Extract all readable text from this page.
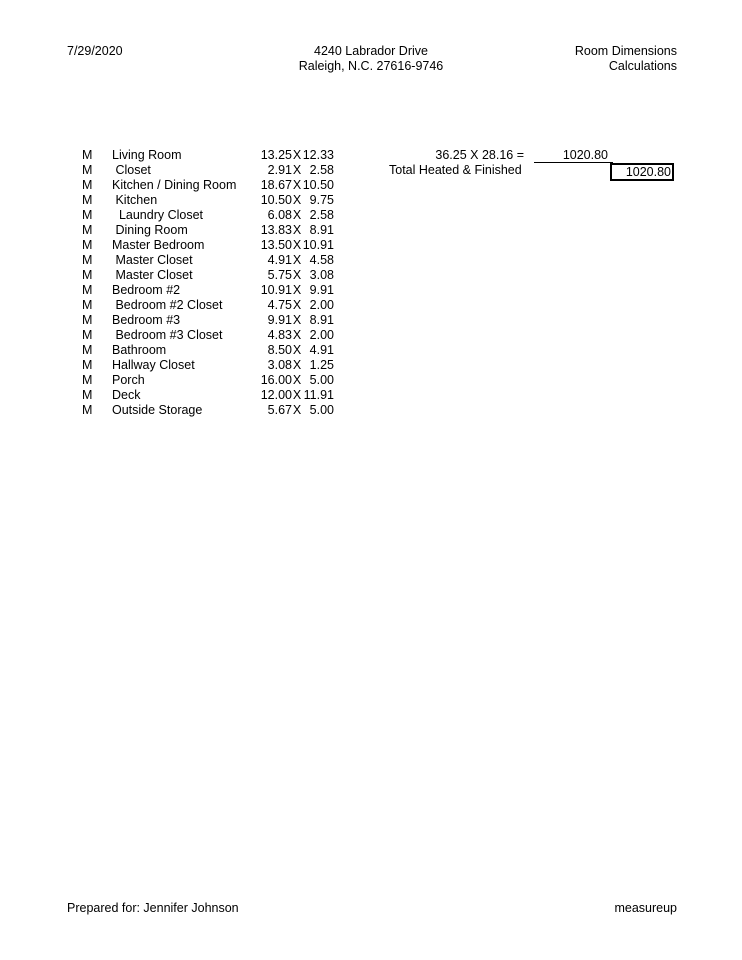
7/29/2020	4240 Labrador Drive
Raleigh, N.C. 27616-9746
Room Dimensions
Calculations
M Living Room	13.25 X 12.33
M Closet	2.91 X 2.58
M Kitchen / Dining Room	18.67 X 10.50
M Kitchen	10.50 X 9.75
M Laundry Closet	6.08 X 2.58
M Dining Room	13.83 X 8.91
M Master Bedroom	13.50 X 10.91
M Master Closet	4.91 X 4.58
M Master Closet	5.75 X 3.08
M Bedroom #2	10.91 X 9.91
M Bedroom #2 Closet	4.75 X 2.00
M Bedroom #3	9.91 X 8.91
M Bedroom #3 Closet	4.83 X 2.00
M Bathroom	8.50 X 4.91
M Hallway Closet	3.08 X 1.25
M Porch	16.00 X 5.00
M Deck	12.00 X 11.91
M Outside Storage	5.67 X 5.00
36.25 X 28.16 =	1020.80
Total Heated & Finished	1020.80
Prepared for: Jennifer Johnson	measureup
